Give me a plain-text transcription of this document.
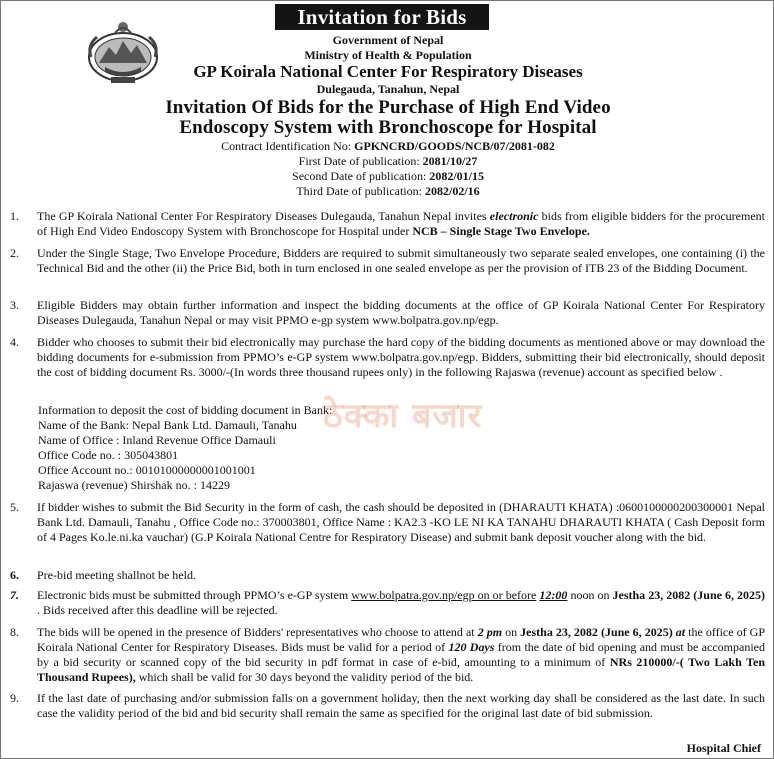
Invitation for Bids
Government of Nepal
Ministry of Health & Population
GP Koirala National Center For Respiratory Diseases
Dulegauda, Tanahun, Nepal
Invitation Of Bids for the Purchase of High End Video
Endoscopy System with Bronchoscope for Hospital
Contract Identification No: GPKNCRD/GOODS/NCB/07/2081-082
First Date of publication: 2081/10/27
Second Date of publication: 2082/01/15
Third Date of publication: 2082/02/16
1. The GP Koirala National Center For Respiratory Diseases Dulegauda, Tanahun Nepal invites electronic bids from eligible bidders for the procurement of High End Video Endoscopy System with Bronchoscope for Hospital under NCB – Single Stage Two Envelope.
2. Under the Single Stage, Two Envelope Procedure, Bidders are required to submit simultaneously two separate sealed envelopes, one containing (i) the Technical Bid and the other (ii) the Price Bid, both in turn enclosed in one sealed envelope as per the provision of ITB 23 of the Bidding Document.
3. Eligible Bidders may obtain further information and inspect the bidding documents at the office of GP Koirala National Center For Respiratory Diseases Dulegauda, Tanahun Nepal or may visit PPMO e-gp system www.bolpatra.gov.np/egp.
4. Bidder who chooses to submit their bid electronically may purchase the hard copy of the bidding documents as mentioned above or may download the bidding documents for e-submission from PPMO’s e-GP system www.bolpatra.gov.np/egp. Bidders, submitting their bid electronically, should deposit the cost of bidding document Rs. 3000/-(In words three thousand rupees only) in the following Rajaswa (revenue) account as specified below .
Information to deposit the cost of bidding document in Bank:
Name of the Bank: Nepal Bank Ltd. Damauli, Tanahu
Name of Office : Inland Revenue Office Damauli
Office Code no. : 305043801
Office Account no.: 00101000000001001001
Rajaswa (revenue) Shirshak no. : 14229
ठेक्का बजार
5. If bidder wishes to submit the Bid Security in the form of cash, the cash should be deposited in (DHARAUTI KHATA) :0600100000200300001 Nepal Bank Ltd. Damauli, Tanahu , Office Code no.: 370003801, Office Name : KA2.3 -KO LE NI KA TANAHU DHARAUTI KHATA ( Cash Deposit form of 4 Pages Ko.le.ni.ka vauchar) (G.P Koirala National Centre for Respiratory Disease) and submit bank deposit voucher along with the bid.
6. Pre-bid meeting shallnot be held.
7. Electronic bids must be submitted through PPMO’s e-GP system www.bolpatra.gov.np/egp on or before 12:00 noon on Jestha 23, 2082 (June 6, 2025) . Bids received after this deadline will be rejected.
8. The bids will be opened in the presence of Bidders' representatives who choose to attend at 2 pm on Jestha 23, 2082 (June 6, 2025) at the office of GP Koirala National Center for Respiratory Diseases. Bids must be valid for a period of 120 Days from the date of bid opening and must be accompanied by a bid security or scanned copy of the bid security in pdf format in case of e-bid, amounting to a minimum of NRs 210000/-( Two Lakh Ten Thousand Rupees), which shall be valid for 30 days beyond the validity period of the bid.
9. If the last date of purchasing and/or submission falls on a government holiday, then the next working day shall be considered as the last date. In such case the validity period of the bid and bid security shall remain the same as specified for the original last date of bid submission.
Hospital Chief
